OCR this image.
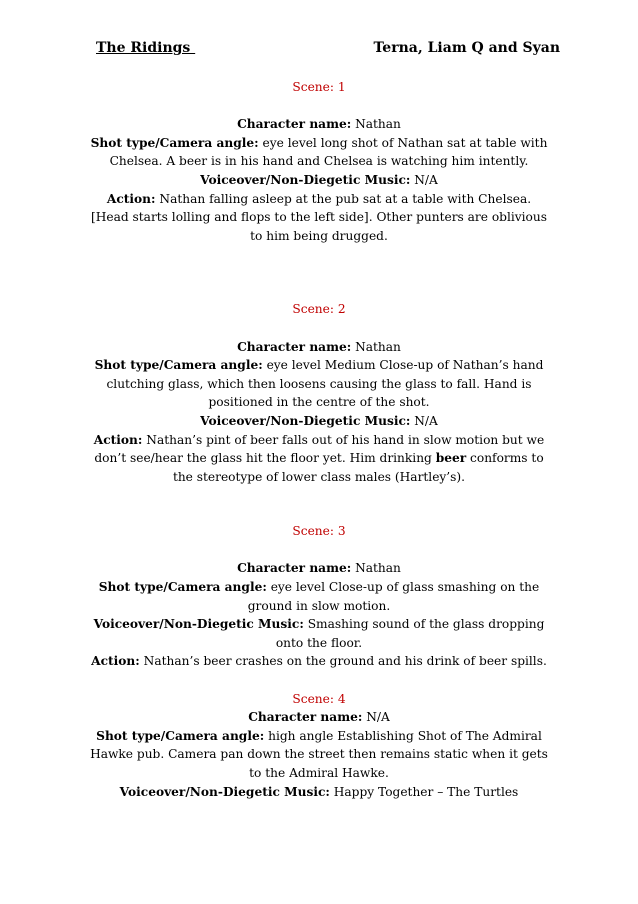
The Ridings	Terna, Liam Q and Syan
Scene: 1
Character name: Nathan
Shot type/Camera angle: eye level long shot of Nathan sat at table with Chelsea. A beer is in his hand and Chelsea is watching him intently.
Voiceover/Non-Diegetic Music: N/A
Action: Nathan falling asleep at the pub sat at a table with Chelsea. [Head starts lolling and flops to the left side]. Other punters are oblivious to him being drugged.
Scene: 2
Character name: Nathan
Shot type/Camera angle: eye level Medium Close-up of Nathan’s hand clutching glass, which then loosens causing the glass to fall. Hand is positioned in the centre of the shot.
Voiceover/Non-Diegetic Music: N/A
Action: Nathan’s pint of beer falls out of his hand in slow motion but we don’t see/hear the glass hit the floor yet. Him drinking beer conforms to the stereotype of lower class males (Hartley’s).
Scene: 3
Character name: Nathan
Shot type/Camera angle: eye level Close-up of glass smashing on the ground in slow motion.
Voiceover/Non-Diegetic Music: Smashing sound of the glass dropping onto the floor.
Action: Nathan’s beer crashes on the ground and his drink of beer spills.
Scene: 4
Character name: N/A
Shot type/Camera angle: high angle Establishing Shot of The Admiral Hawke pub. Camera pan down the street then remains static when it gets to the Admiral Hawke.
Voiceover/Non-Diegetic Music: Happy Together – The Turtles
